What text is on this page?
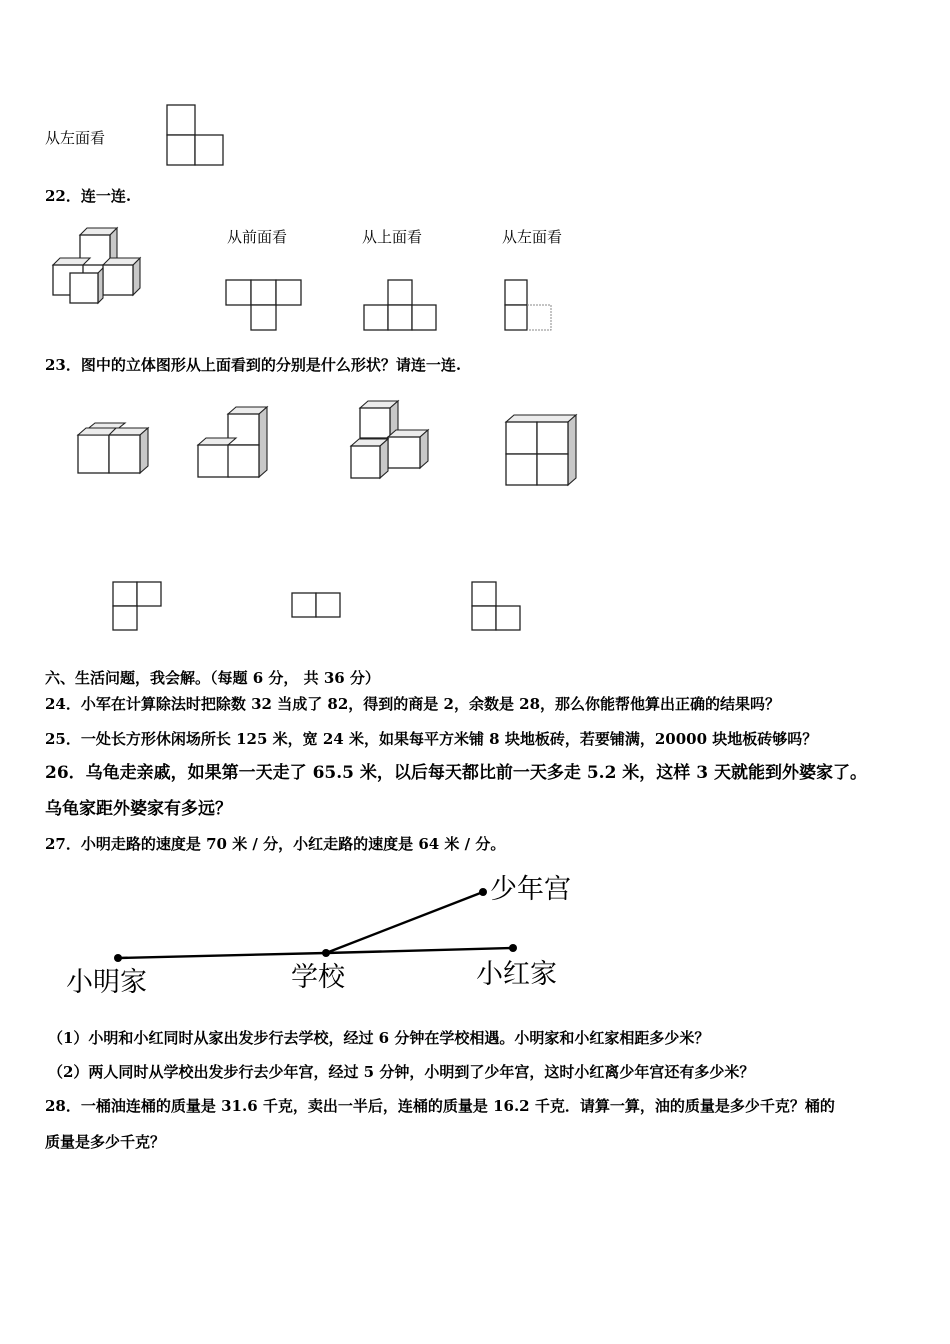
从左面看
22．连一连.
从前面看	从上面看	从左面看
23．图中的立体图形从上面看到的分别是什么形状？请连一连.
六、生活问题，我会解。（每题 6 分， 共 36 分）
24．小军在计算除法时把除数 32 当成了 82，得到的商是 2，余数是 28，那么你能帮他算出正确的结果吗？
25．一处长方形休闲场所长 125 米，宽 24 米，如果每平方米铺 8 块地板砖，若要铺满，20000 块地板砖够吗？
26．乌龟走亲戚，如果第一天走了 65.5 米，以后每天都比前一天多走 5.2 米，这样 3 天就能到外婆家了。
乌龟家距外婆家有多远？
27．小明走路的速度是 70 米 / 分，小红走路的速度是 64 米 / 分。
少年宫
小明家	学校	小红家
（1）小明和小红同时从家出发步行去学校，经过 6 分钟在学校相遇。小明家和小红家相距多少米？
（2）两人同时从学校出发步行去少年宫，经过 5 分钟，小明到了少年宫，这时小红离少年宫还有多少米？
28．一桶油连桶的质量是 31.6 千克，卖出一半后，连桶的质量是 16.2 千克．请算一算，油的质量是多少千克？桶的
质量是多少千克？
